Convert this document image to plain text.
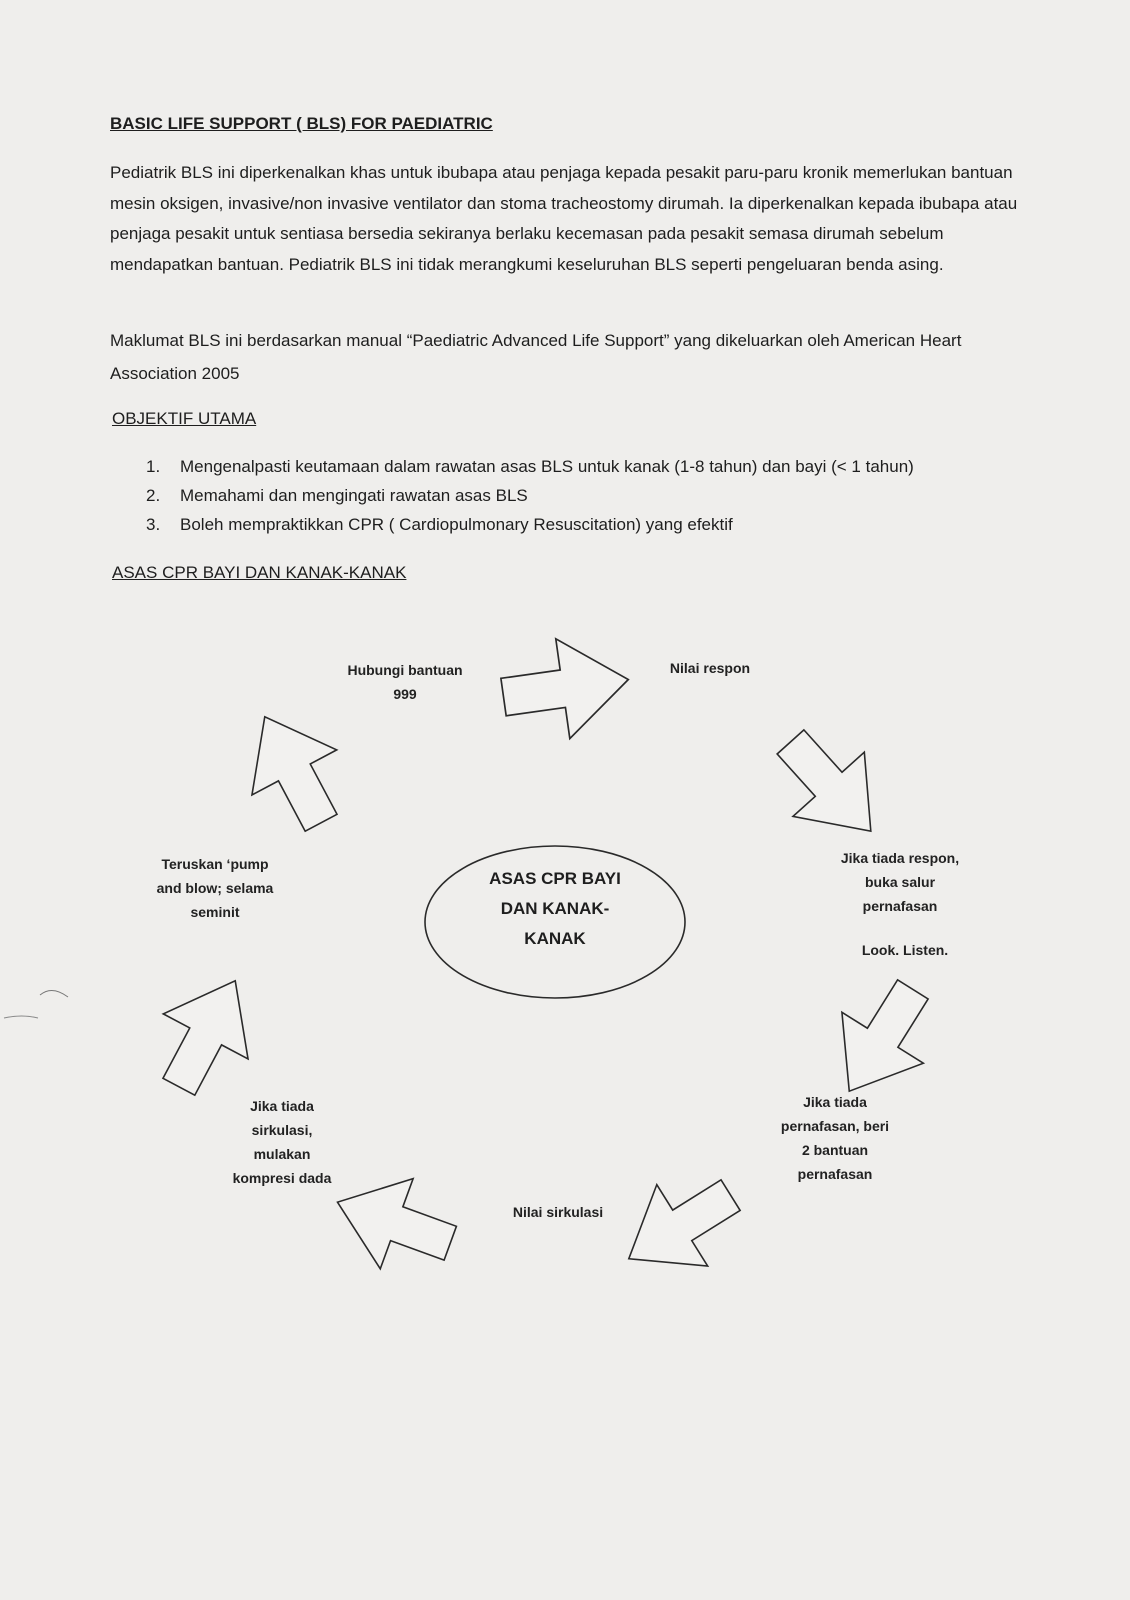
BASIC LIFE SUPPORT ( BLS) FOR PAEDIATRIC

Pediatrik BLS ini diperkenalkan khas untuk ibubapa atau penjaga kepada pesakit paru-paru kronik memerlukan bantuan mesin oksigen, invasive/non invasive ventilator dan stoma tracheostomy dirumah. Ia diperkenalkan kepada ibubapa atau penjaga pesakit untuk sentiasa bersedia sekiranya berlaku kecemasan pada pesakit semasa dirumah sebelum mendapatkan bantuan. Pediatrik BLS ini tidak merangkumi keseluruhan BLS seperti pengeluaran benda asing.

Maklumat BLS ini berdasarkan manual “Paediatric Advanced Life Support” yang dikeluarkan oleh American Heart Association 2005

OBJEKTIF UTAMA
1. Mengenalpasti keutamaan dalam rawatan asas BLS untuk kanak (1-8 tahun) dan bayi (< 1 tahun)
2. Memahami dan mengingati rawatan asas BLS
3. Boleh mempraktikkan CPR ( Cardiopulmonary Resuscitation) yang efektif
ASAS CPR BAYI DAN KANAK-KANAK
ASAS CPR BAYI
DAN KANAK-
KANAK
Hubungi bantuan
999
Nilai respon
Jika tiada respon,
buka salur
pernafasan
Look. Listen.
Jika tiada
pernafasan, beri
2 bantuan
pernafasan
Nilai sirkulasi
Jika tiada
sirkulasi,
mulakan
kompresi dada
Teruskan ‘pump
and blow; selama
seminit
